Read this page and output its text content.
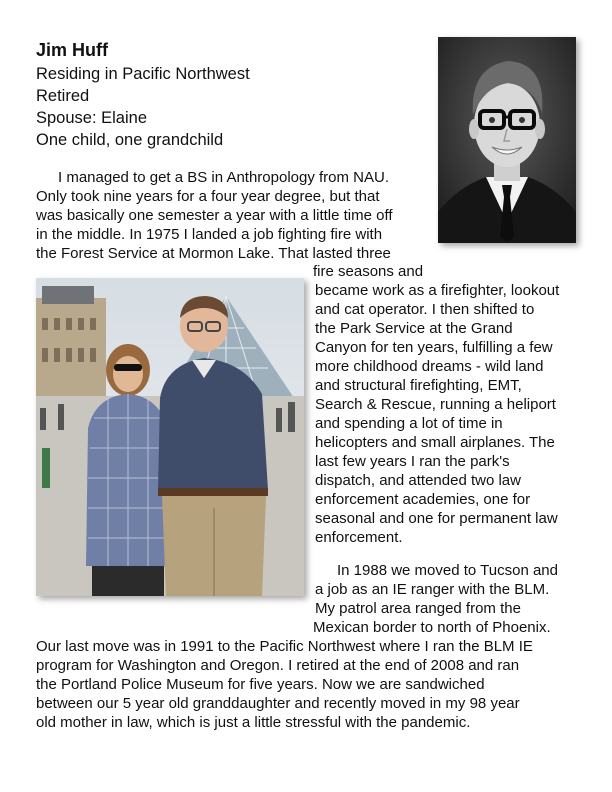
Jim Huff
Residing in Pacific Northwest
Retired
Spouse: Elaine
One child, one grandchild
I managed to get a BS in Anthropology from NAU.
Only took nine years for a four year degree, but that
was basically one semester a year with a little time off
in the middle. In 1975 I landed a job fighting fire with
the Forest Service at Mormon Lake. That lasted three
fire seasons and
became work as a firefighter, lookout
and cat operator. I then shifted to
the Park Service at the Grand
Canyon for ten years, fulfilling a few
more childhood dreams - wild land
and structural firefighting, EMT,
Search & Rescue, running a heliport
and spending a lot of time in
helicopters and small airplanes. The
last few years I ran the park's
dispatch, and attended two law
enforcement academies, one for
seasonal and one for permanent law
enforcement.
In 1988 we moved to Tucson and
a job as an IE ranger with the BLM.
My patrol area ranged from the
Mexican border to north of Phoenix.
Our last move was in 1991 to the Pacific Northwest where I ran the BLM IE
program for Washington and Oregon. I retired at the end of 2008 and ran
the Portland Police Museum for five years. Now we are sandwiched
between our 5 year old granddaughter and recently moved in my 98 year
old mother in law, which is just a little stressful with the pandemic.
